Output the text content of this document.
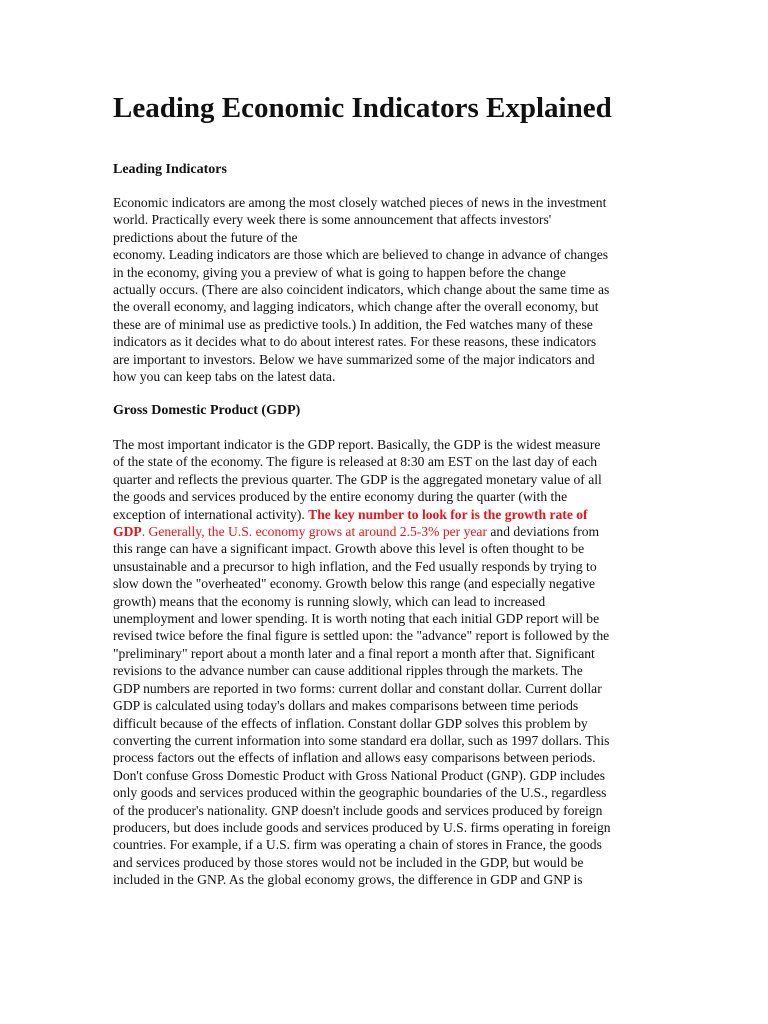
Leading Economic Indicators Explained
Leading Indicators
Economic indicators are among the most closely watched pieces of news in the investment
world. Practically every week there is some announcement that affects investors'
predictions about the future of the
economy. Leading indicators are those which are believed to change in advance of changes
in the economy, giving you a preview of what is going to happen before the change
actually occurs. (There are also coincident indicators, which change about the same time as
the overall economy, and lagging indicators, which change after the overall economy, but
these are of minimal use as predictive tools.) In addition, the Fed watches many of these
indicators as it decides what to do about interest rates. For these reasons, these indicators
are important to investors. Below we have summarized some of the major indicators and
how you can keep tabs on the latest data.
Gross Domestic Product (GDP)
The most important indicator is the GDP report. Basically, the GDP is the widest measure
of the state of the economy. The figure is released at 8:30 am EST on the last day of each
quarter and reflects the previous quarter. The GDP is the aggregated monetary value of all
the goods and services produced by the entire economy during the quarter (with the
exception of international activity). The key number to look for is the growth rate of
GDP. Generally, the U.S. economy grows at around 2.5-3% per year and deviations from
this range can have a significant impact. Growth above this level is often thought to be
unsustainable and a precursor to high inflation, and the Fed usually responds by trying to
slow down the "overheated" economy. Growth below this range (and especially negative
growth) means that the economy is running slowly, which can lead to increased
unemployment and lower spending. It is worth noting that each initial GDP report will be
revised twice before the final figure is settled upon: the "advance" report is followed by the
"preliminary" report about a month later and a final report a month after that. Significant
revisions to the advance number can cause additional ripples through the markets. The
GDP numbers are reported in two forms: current dollar and constant dollar. Current dollar
GDP is calculated using today's dollars and makes comparisons between time periods
difficult because of the effects of inflation. Constant dollar GDP solves this problem by
converting the current information into some standard era dollar, such as 1997 dollars. This
process factors out the effects of inflation and allows easy comparisons between periods.
Don't confuse Gross Domestic Product with Gross National Product (GNP). GDP includes
only goods and services produced within the geographic boundaries of the U.S., regardless
of the producer's nationality. GNP doesn't include goods and services produced by foreign
producers, but does include goods and services produced by U.S. firms operating in foreign
countries. For example, if a U.S. firm was operating a chain of stores in France, the goods
and services produced by those stores would not be included in the GDP, but would be
included in the GNP. As the global economy grows, the difference in GDP and GNP is
